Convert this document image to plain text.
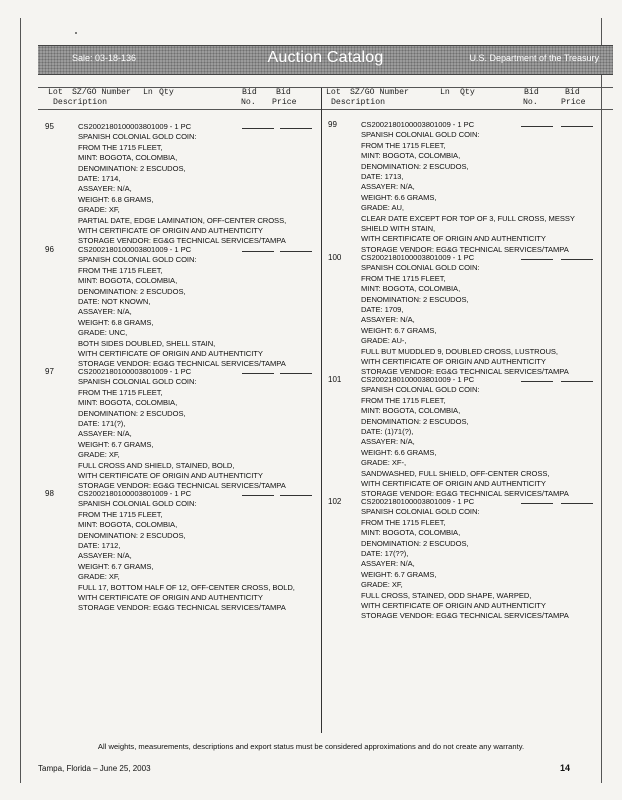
Sale: 03-18-136	Auction Catalog	U.S. Department of the Treasury
Lot SZ/GO Number Ln Qty	Bid Bid
Description	No. Price
Lot SZ/GO Number	Ln Qty	Bid	Bid
Description	No.	Price
95	CS2002180100003801009 - 1 PC
SPANISH COLONIAL GOLD COIN:
FROM THE 1715 FLEET,
MINT: BOGOTA, COLOMBIA,
DENOMINATION: 2 ESCUDOS,
DATE: 1714,
ASSAYER: N/A,
WEIGHT: 6.8 GRAMS,
GRADE: XF,
PARTIAL DATE, EDGE LAMINATION, OFF-CENTER CROSS,
WITH CERTIFICATE OF ORIGIN AND AUTHENTICITY
STORAGE VENDOR: EG&G TECHNICAL SERVICES/TAMPA
96	CS2002180100003801009 - 1 PC
SPANISH COLONIAL GOLD COIN:
FROM THE 1715 FLEET,
MINT: BOGOTA, COLOMBIA,
DENOMINATION: 2 ESCUDOS,
DATE: NOT KNOWN,
ASSAYER: N/A,
WEIGHT: 6.8 GRAMS,
GRADE: UNC,
BOTH SIDES DOUBLED, SHELL STAIN,
WITH CERTIFICATE OF ORIGIN AND AUTHENTICITY
STORAGE VENDOR: EG&G TECHNICAL SERVICES/TAMPA
97	CS2002180100003801009 - 1 PC
SPANISH COLONIAL GOLD COIN:
FROM THE 1715 FLEET,
MINT: BOGOTA, COLOMBIA,
DENOMINATION: 2 ESCUDOS,
DATE: 171(?),
ASSAYER: N/A,
WEIGHT: 6.7 GRAMS,
GRADE: XF,
FULL CROSS AND SHIELD, STAINED, BOLD,
WITH CERTIFICATE OF ORIGIN AND AUTHENTICITY
STORAGE VENDOR: EG&G TECHNICAL SERVICES/TAMPA
98	CS2002180100003801009 - 1 PC
SPANISH COLONIAL GOLD COIN:
FROM THE 1715 FLEET,
MINT: BOGOTA, COLOMBIA,
DENOMINATION: 2 ESCUDOS,
DATE: 1712,
ASSAYER: N/A,
WEIGHT: 6.7 GRAMS,
GRADE: XF,
FULL 17, BOTTOM HALF OF 12, OFF-CENTER CROSS, BOLD,
WITH CERTIFICATE OF ORIGIN AND AUTHENTICITY
STORAGE VENDOR: EG&G TECHNICAL SERVICES/TAMPA
99	CS2002180100003801009 - 1 PC
SPANISH COLONIAL GOLD COIN:
FROM THE 1715 FLEET,
MINT: BOGOTA, COLOMBIA,
DENOMINATION: 2 ESCUDOS,
DATE: 1713,
ASSAYER: N/A,
WEIGHT: 6.6 GRAMS,
GRADE: AU,
CLEAR DATE EXCEPT FOR TOP OF 3, FULL CROSS, MESSY
SHIELD WITH STAIN,
WITH CERTIFICATE OF ORIGIN AND AUTHENTICITY
STORAGE VENDOR: EG&G TECHNICAL SERVICES/TAMPA
100	CS2002180100003801009 - 1 PC
SPANISH COLONIAL GOLD COIN:
FROM THE 1715 FLEET,
MINT: BOGOTA, COLOMBIA,
DENOMINATION: 2 ESCUDOS,
DATE: 1709,
ASSAYER: N/A,
WEIGHT: 6.7 GRAMS,
GRADE: AU-,
FULL BUT MUDDLED 9, DOUBLED CROSS, LUSTROUS,
WITH CERTIFICATE OF ORIGIN AND AUTHENTICITY
STORAGE VENDOR: EG&G TECHNICAL SERVICES/TAMPA
101	CS2002180100003801009 - 1 PC
SPANISH COLONIAL GOLD COIN:
FROM THE 1715 FLEET,
MINT: BOGOTA, COLOMBIA,
DENOMINATION: 2 ESCUDOS,
DATE: (1)71(?),
ASSAYER: N/A,
WEIGHT: 6.6 GRAMS,
GRADE: XF-,
SANDWASHED, FULL SHIELD, OFF-CENTER CROSS,
WITH CERTIFICATE OF ORIGIN AND AUTHENTICITY
STORAGE VENDOR: EG&G TECHNICAL SERVICES/TAMPA
102	CS2002180100003801009 - 1 PC
SPANISH COLONIAL GOLD COIN:
FROM THE 1715 FLEET,
MINT: BOGOTA, COLOMBIA,
DENOMINATION: 2 ESCUDOS,
DATE: 17(??),
ASSAYER: N/A,
WEIGHT: 6.7 GRAMS,
GRADE: XF,
FULL CROSS, STAINED, ODD SHAPE, WARPED,
WITH CERTIFICATE OF ORIGIN AND AUTHENTICITY
STORAGE VENDOR: EG&G TECHNICAL SERVICES/TAMPA
All weights, measurements, descriptions and export status must be considered approximations and do not create any warranty.
Tampa, Florida – June 25, 2003	14
